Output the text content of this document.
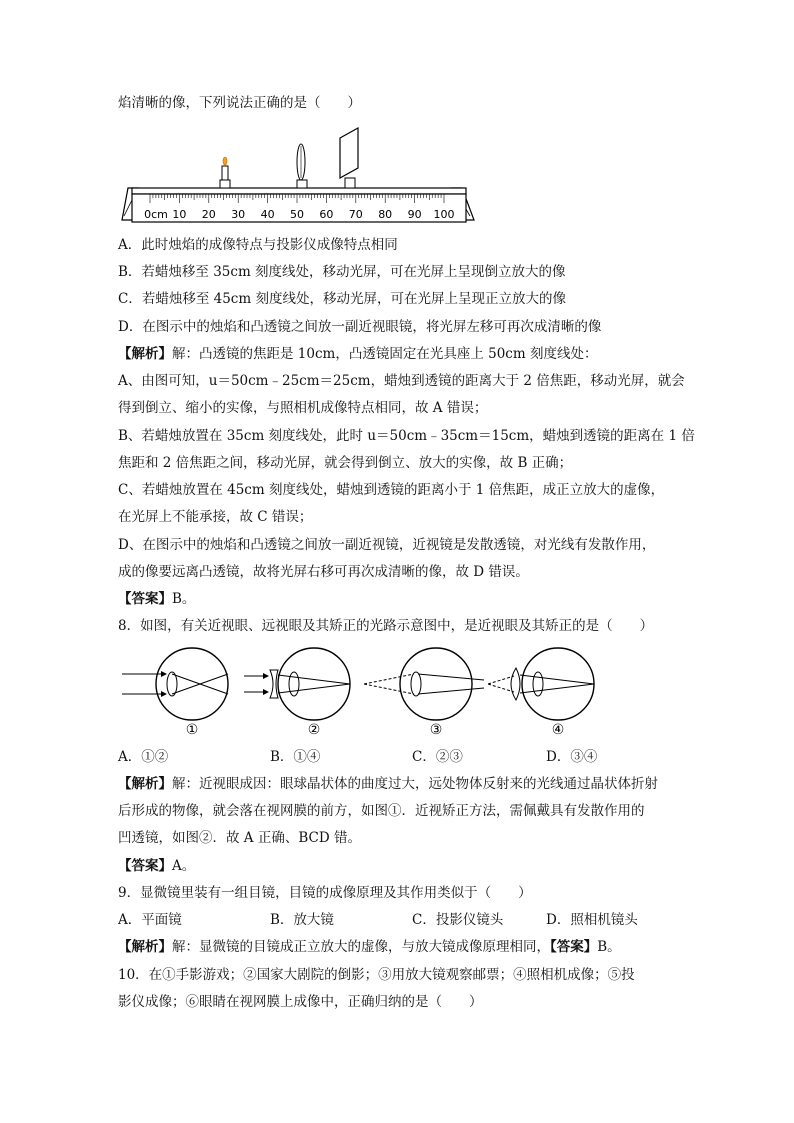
焰清晰的像，下列说法正确的是（　　）
0cm 10 20 30 40 50 60 70 80 90 100
A．此时烛焰的成像特点与投影仪成像特点相同
B．若蜡烛移至 35cm 刻度线处，移动光屏，可在光屏上呈现倒立放大的像
C．若蜡烛移至 45cm 刻度线处，移动光屏，可在光屏上呈现正立放大的像
D．在图示中的烛焰和凸透镜之间放一副近视眼镜，将光屏左移可再次成清晰的像
【解析】解：凸透镜的焦距是 10cm，凸透镜固定在光具座上 50cm 刻度线处：
A、由图可知，u＝50cm﹣25cm＝25cm，蜡烛到透镜的距离大于 2 倍焦距，移动光屏，就会
得到倒立、缩小的实像，与照相机成像特点相同，故 A 错误；
B、若蜡烛放置在 35cm 刻度线处，此时 u＝50cm﹣35cm＝15cm，蜡烛到透镜的距离在 1 倍
焦距和 2 倍焦距之间，移动光屏，就会得到倒立、放大的实像，故 B 正确；
C、若蜡烛放置在 45cm 刻度线处，蜡烛到透镜的距离小于 1 倍焦距，成正立放大的虚像，
在光屏上不能承接，故 C 错误；
D、在图示中的烛焰和凸透镜之间放一副近视镜，近视镜是发散透镜，对光线有发散作用，
成的像要远离凸透镜，故将光屏右移可再次成清晰的像，故 D 错误。
【答案】B。
8．如图，有关近视眼、远视眼及其矫正的光路示意图中，是近视眼及其矫正的是（　　）
①	②	③	④
A．①②	B．①④	C．②③	D．③④
【解析】解：近视眼成因：眼球晶状体的曲度过大，远处物体反射来的光线通过晶状体折射
后形成的物像，就会落在视网膜的前方，如图①．近视矫正方法，需佩戴具有发散作用的
凹透镜，如图②．故 A 正确、BCD 错。
【答案】A。
9．显微镜里装有一组目镜，目镜的成像原理及其作用类似于（　　）
A．平面镜	B．放大镜	C．投影仪镜头	D．照相机镜头
【解析】解：显微镜的目镜成正立放大的虚像，与放大镜成像原理相同，【答案】B。
10．在①手影游戏；②国家大剧院的倒影；③用放大镜观察邮票；④照相机成像；⑤投
影仪成像；⑥眼睛在视网膜上成像中，正确归纳的是（　　）
